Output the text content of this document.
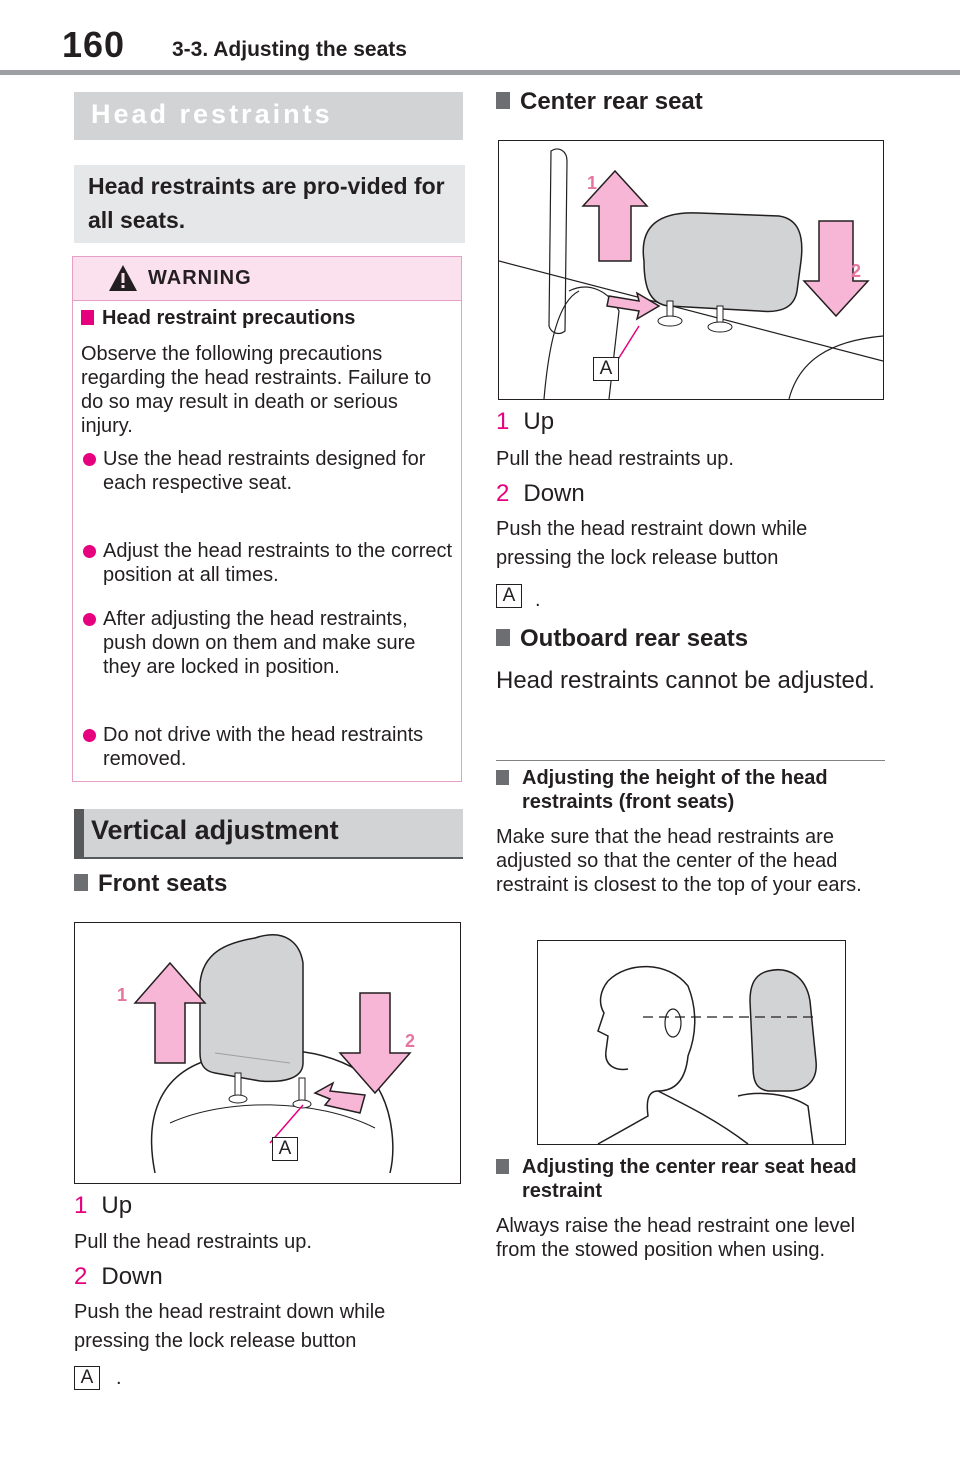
160 3-3. Adjusting the seats
Head restraints
Head restraints are pro-vided for all seats.
WARNING
Head restraint precautions
Observe the following precautions regarding the head restraints. Failure to do so may result in death or serious injury.
Use the head restraints designed for each respective seat.
Adjust the head restraints to the correct position at all times.
After adjusting the head restraints, push down on them and make sure they are locked in position.
Do not drive with the head restraints removed.
Vertical adjustment
Front seats
1
2
A
1 Up
Pull the head restraints up.
2 Down
Push the head restraint down while pressing the lock release button
A	.
Center rear seat
1
2
A
1 Up
Pull the head restraints up.
2 Down
Push the head restraint down while pressing the lock release button
A .
Outboard rear seats
Head restraints cannot be adjusted.
Adjusting the height of the head restraints (front seats)
Make sure that the head restraints are adjusted so that the center of the head restraint is closest to the top of your ears.
Adjusting the center rear seat head restraint
Always raise the head restraint one level from the stowed position when using.
